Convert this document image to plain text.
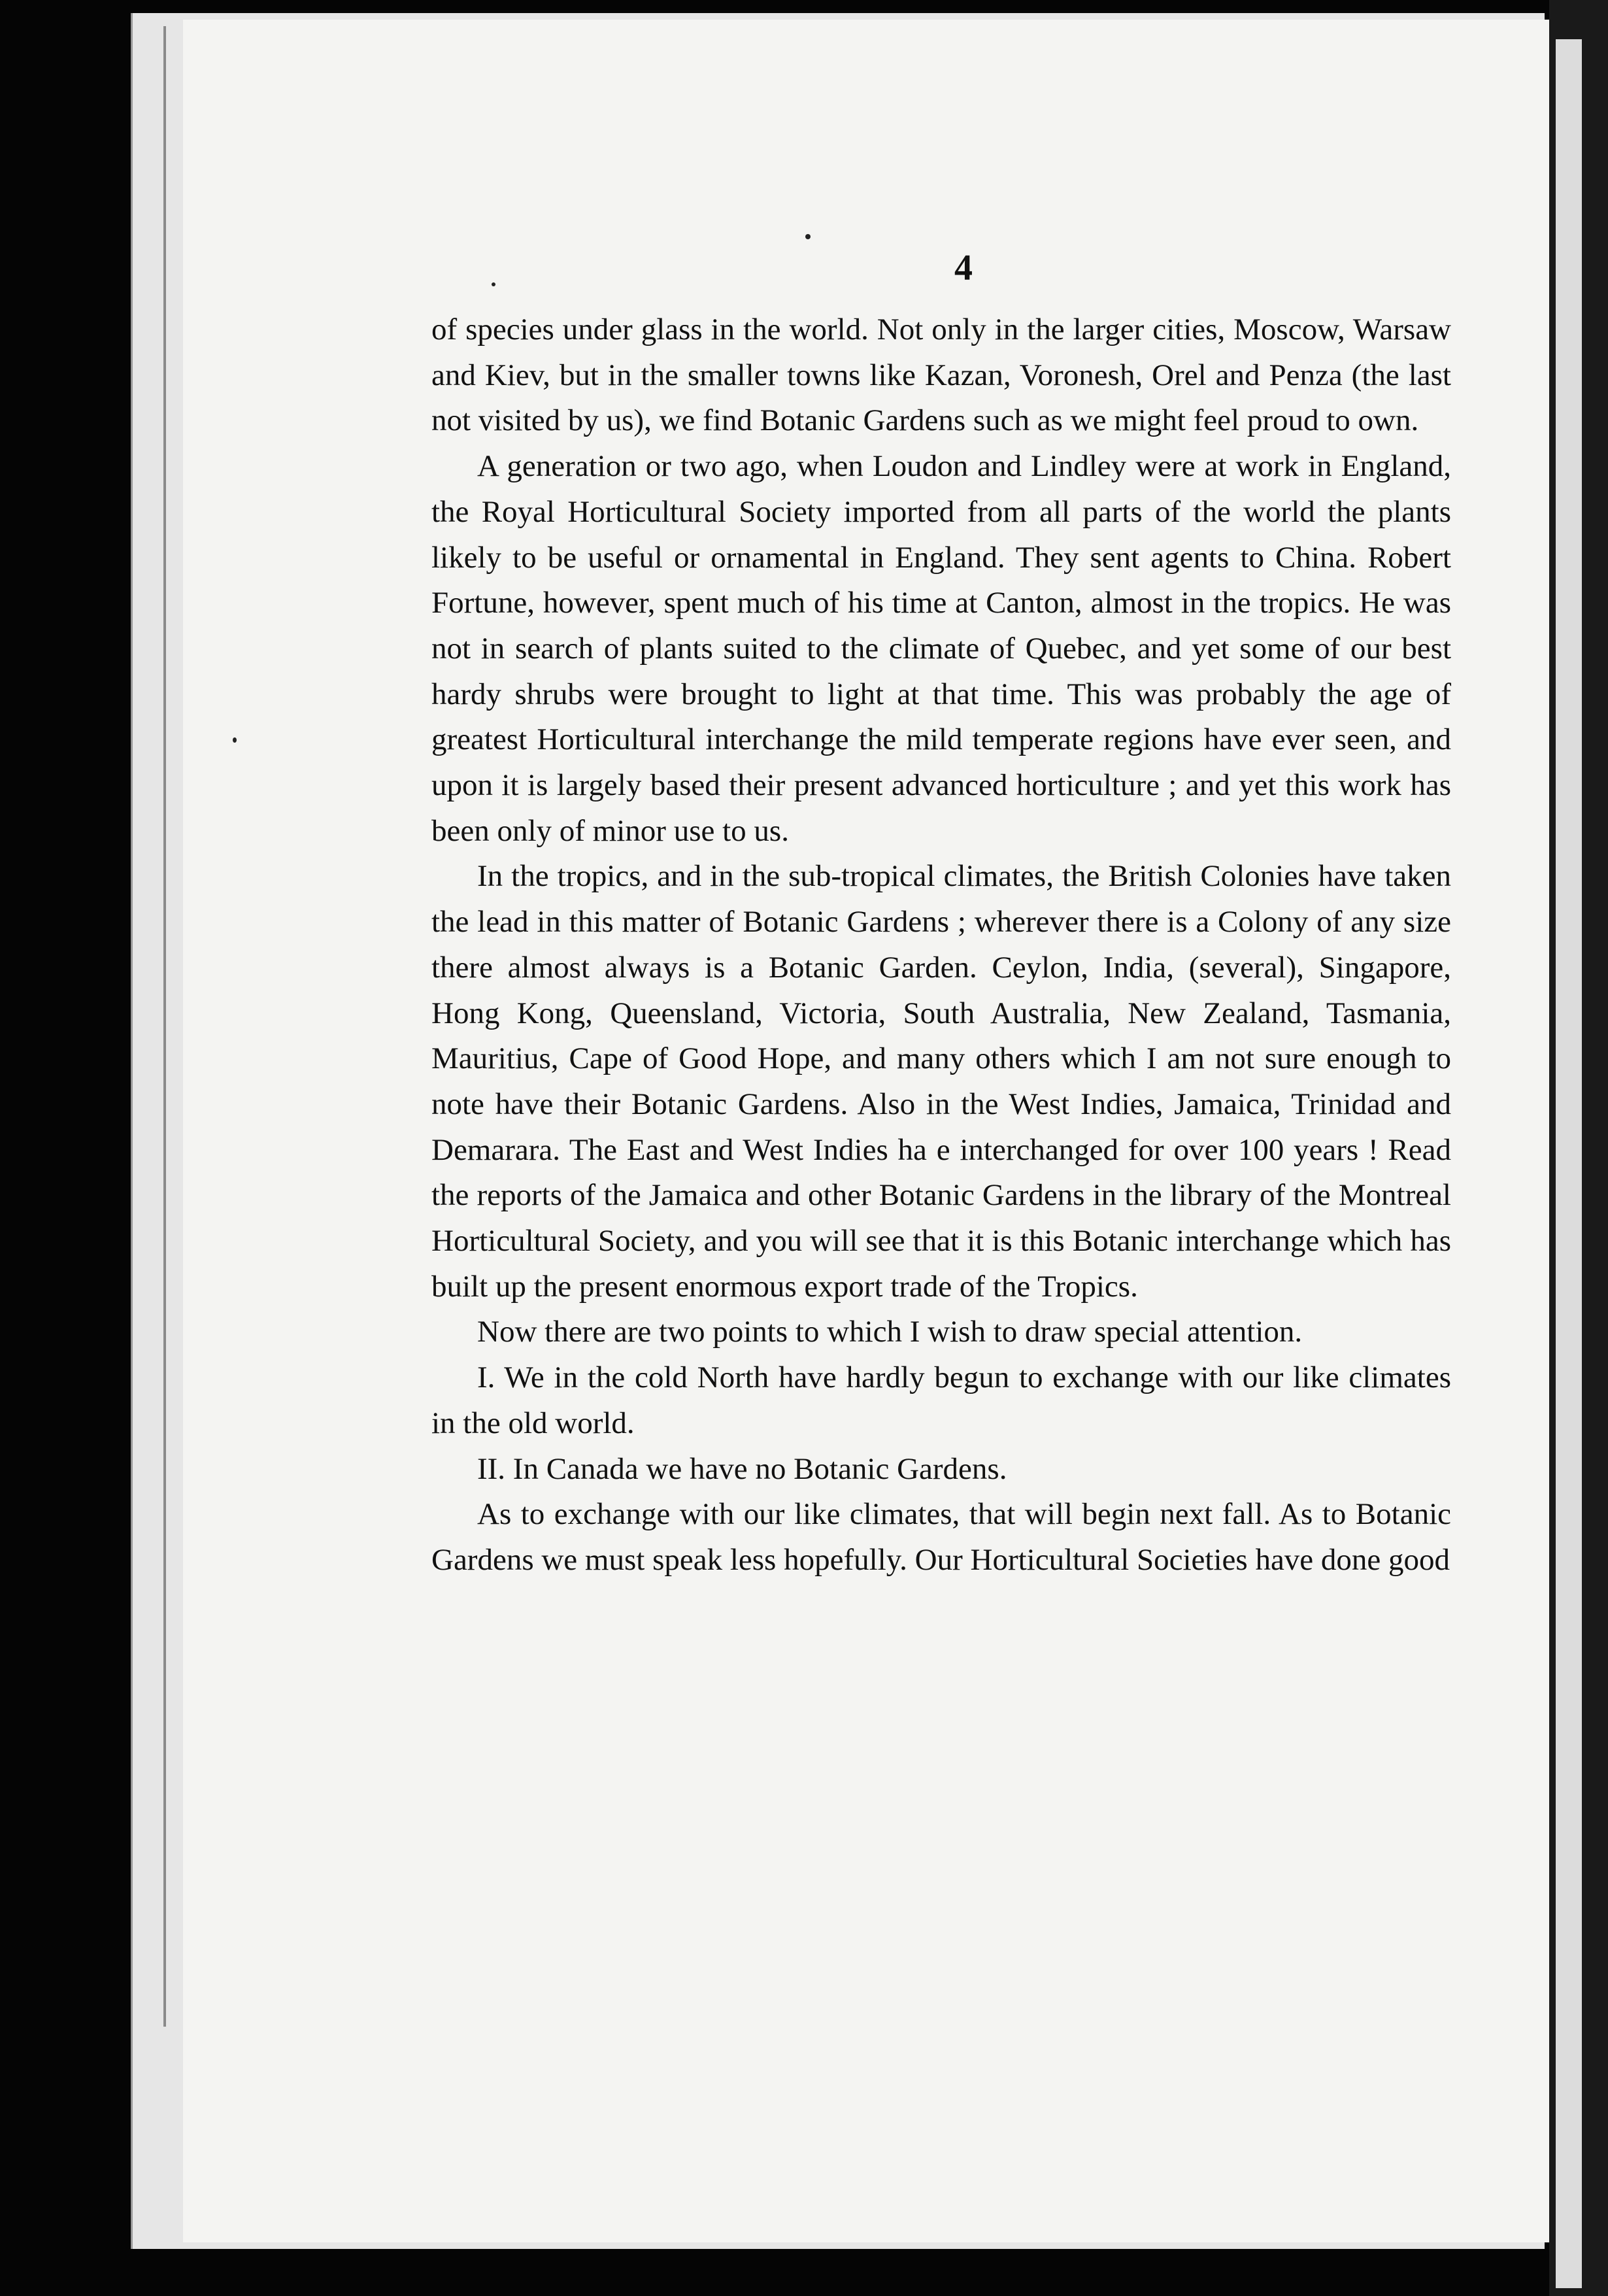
4

of species under glass in the world. Not only in the larger cities, Moscow, Warsaw and Kiev, but in the smaller towns like Kazan, Voronesh, Orel and Penza (the last not visited by us), we find Botanic Gardens such as we might feel proud to own.

A generation or two ago, when Loudon and Lindley were at work in England, the Royal Horticultural Society imported from all parts of the world the plants likely to be useful or ornamental in England. They sent agents to China. Robert Fortune, however, spent much of his time at Canton, almost in the tropics. He was not in search of plants suited to the climate of Quebec, and yet some of our best hardy shrubs were brought to light at that time. This was probably the age of greatest Horticultural interchange the mild temperate regions have ever seen, and upon it is largely based their present advanced horticulture ; and yet this work has been only of minor use to us.

In the tropics, and in the sub-tropical climates, the British Colonies have taken the lead in this matter of Botanic Gardens ; wherever there is a Colony of any size there almost always is a Botanic Garden. Ceylon, India, (several), Singapore, Hong Kong, Queensland, Victoria, South Australia, New Zealand, Tasmania, Mauritius, Cape of Good Hope, and many others which I am not sure enough to note have their Botanic Gardens. Also in the West Indies, Jamaica, Trinidad and Demarara. The East and West Indies ha e interchanged for over 100 years ! Read the reports of the Jamaica and other Botanic Gardens in the library of the Montreal Horticultural Society, and you will see that it is this Botanic interchange which has built up the present enormous export trade of the Tropics.

Now there are two points to which I wish to draw special attention.

I. We in the cold North have hardly begun to exchange with our like climates in the old world.

II. In Canada we have no Botanic Gardens.

As to exchange with our like climates, that will begin next fall. As to Botanic Gardens we must speak less hopefully. Our Horticultural Societies have done good
